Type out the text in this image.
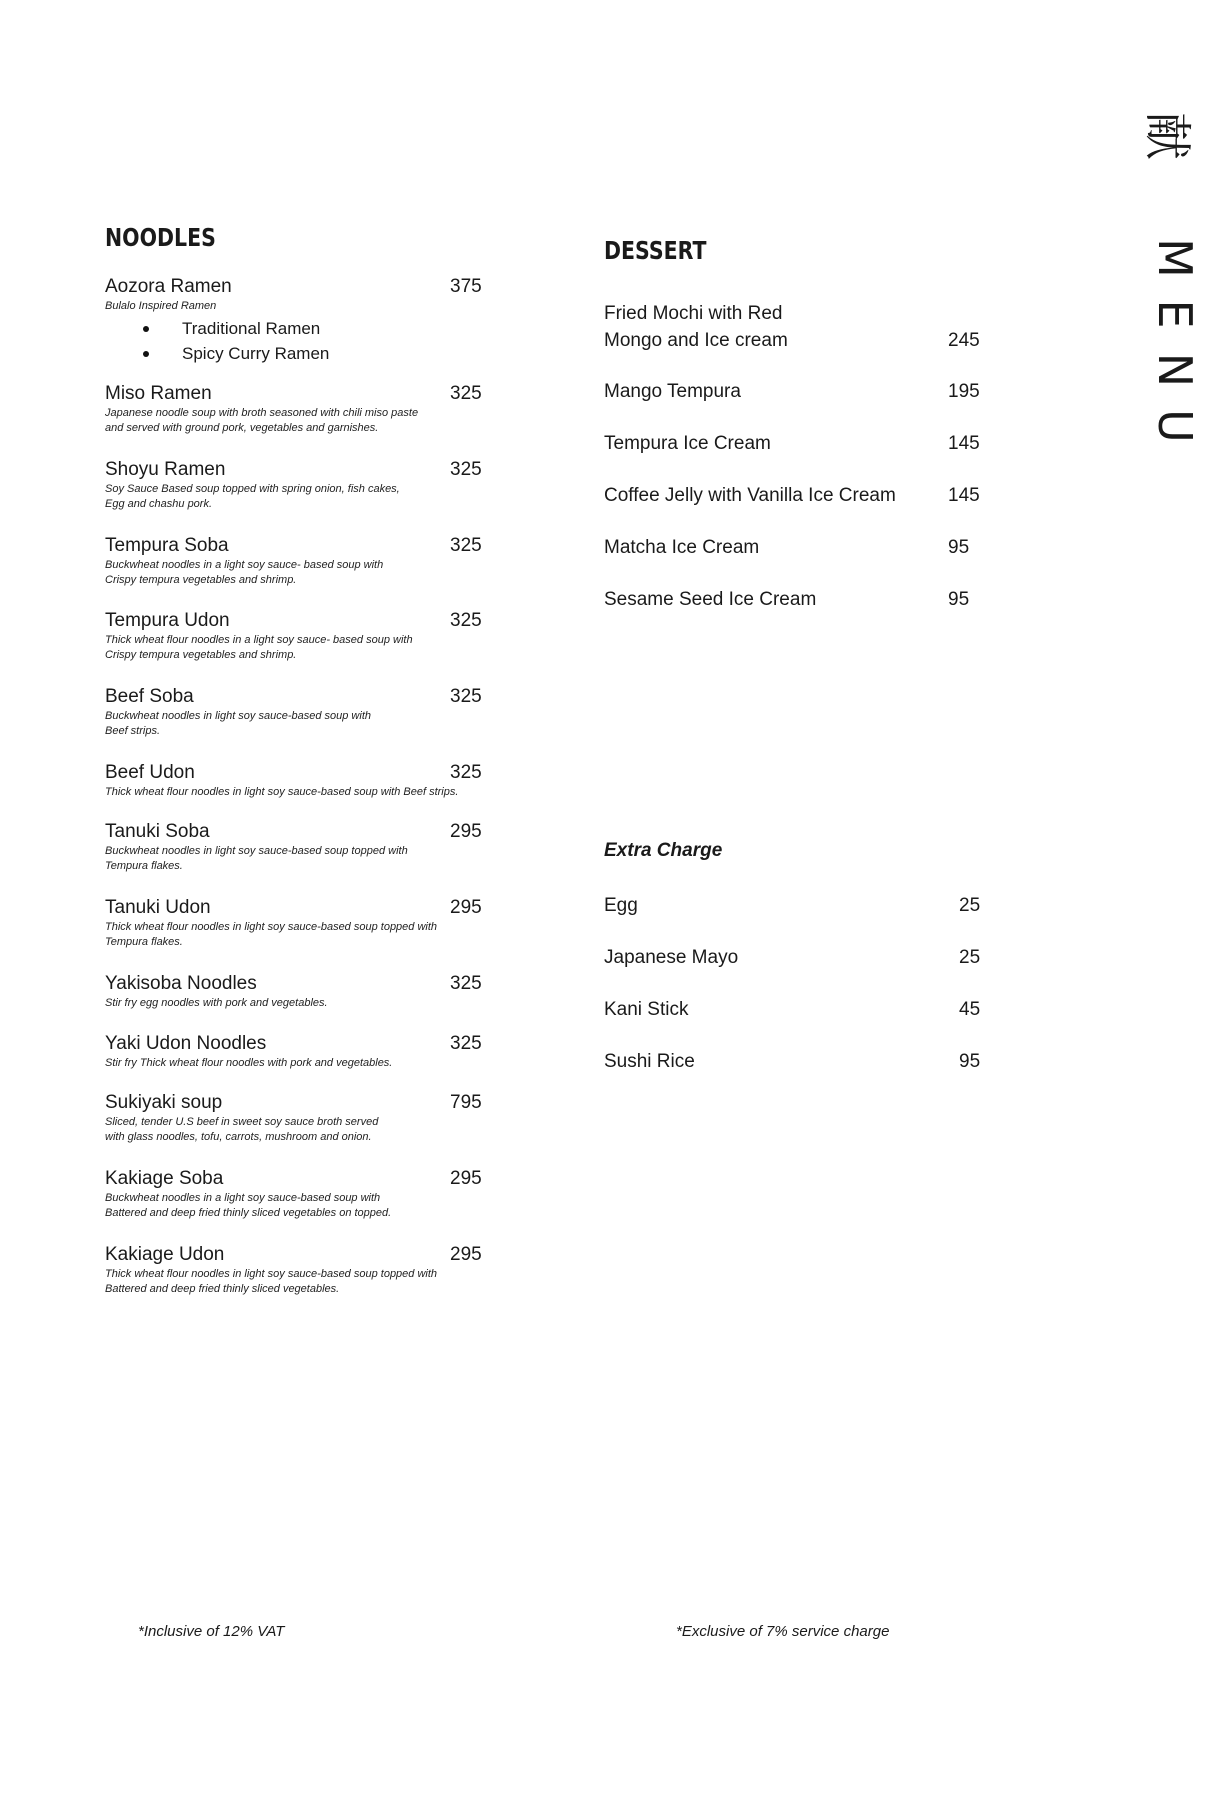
献
M
E
N
U
NOODLES
Aozora Ramen	375
Bulalo Inspired Ramen
Traditional Ramen
Spicy Curry Ramen
Miso Ramen	325
Japanese noodle soup with broth seasoned with chili miso paste
and served with ground pork, vegetables and garnishes.
Shoyu Ramen	325
Soy Sauce Based soup topped with spring onion, fish cakes,
Egg and chashu pork.
Tempura Soba	325
Buckwheat noodles in a light soy sauce- based soup with
Crispy tempura vegetables and shrimp.
Tempura Udon	325
Thick wheat flour noodles in a light soy sauce- based soup with
Crispy tempura vegetables and shrimp.
Beef Soba	325
Buckwheat noodles in light soy sauce-based soup with
Beef strips.
Beef Udon	325
Thick wheat flour noodles in light soy sauce-based soup with Beef strips.
Tanuki Soba	295
Buckwheat noodles in light soy sauce-based soup topped with
Tempura flakes.
Tanuki Udon	295
Thick wheat flour noodles in light soy sauce-based soup topped with
Tempura flakes.
Yakisoba Noodles	325
Stir fry egg noodles with pork and vegetables.
Yaki Udon Noodles	325
Stir fry Thick wheat flour noodles with pork and vegetables.
Sukiyaki soup	795
Sliced, tender U.S beef in sweet soy sauce broth served
with glass noodles, tofu, carrots, mushroom and onion.
Kakiage Soba	295
Buckwheat noodles in a light soy sauce-based soup with
Battered and deep fried thinly sliced vegetables on topped.
Kakiage Udon	295
Thick wheat flour noodles in light soy sauce-based soup topped with
Battered and deep fried thinly sliced vegetables.
DESSERT
Fried Mochi with Red
Mongo and Ice cream	245
Mango Tempura	195
Tempura Ice Cream	145
Coffee Jelly with Vanilla Ice Cream	145
Matcha Ice Cream	95
Sesame Seed Ice Cream	95
Extra Charge
Egg	25
Japanese Mayo	25
Kani Stick	45
Sushi Rice	95
*Inclusive of 12% VAT	*Exclusive of 7% service charge
